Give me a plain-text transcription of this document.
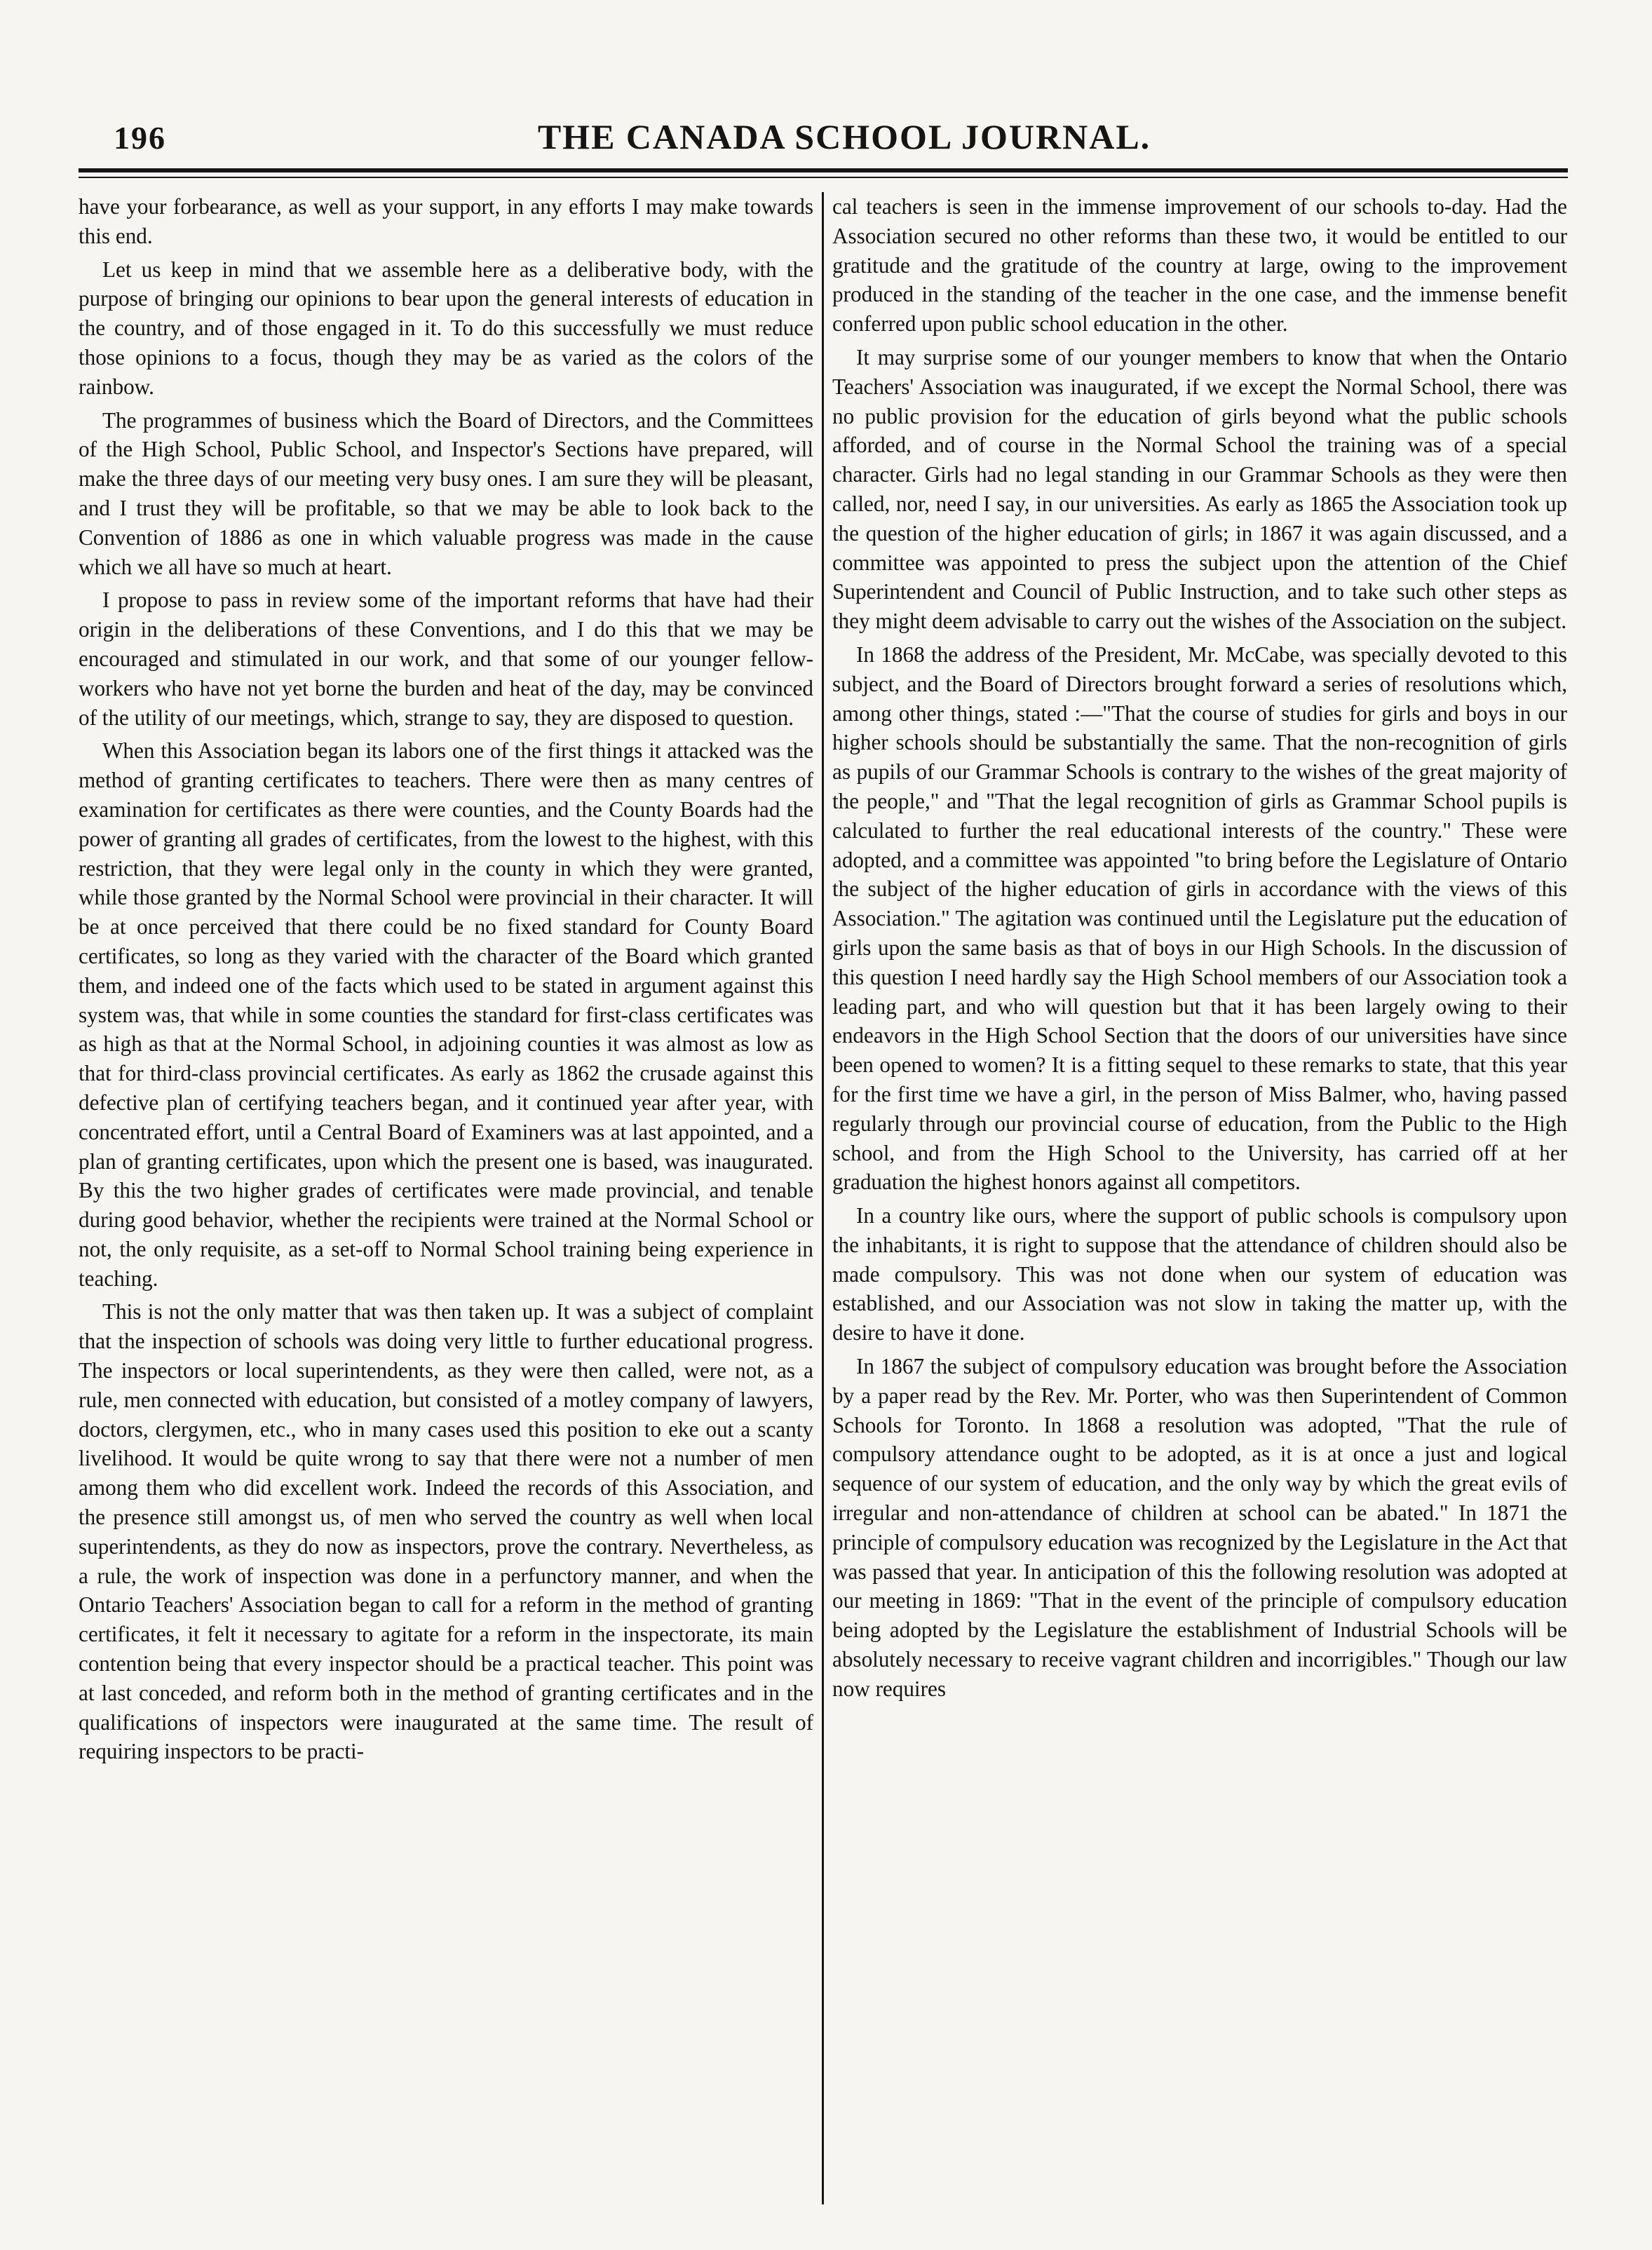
196	THE CANADA SCHOOL JOURNAL.

have your forbearance, as well as your support, in any efforts I may make towards this end.

Let us keep in mind that we assemble here as a deliberative body, with the purpose of bringing our opinions to bear upon the general interests of education in the country, and of those engaged in it. To do this successfully we must reduce those opinions to a focus, though they may be as varied as the colors of the rainbow.

The programmes of business which the Board of Directors, and the Committees of the High School, Public School, and Inspector's Sections have prepared, will make the three days of our meeting very busy ones. I am sure they will be pleasant, and I trust they will be profitable, so that we may be able to look back to the Convention of 1886 as one in which valuable progress was made in the cause which we all have so much at heart.

I propose to pass in review some of the important reforms that have had their origin in the deliberations of these Conventions, and I do this that we may be encouraged and stimulated in our work, and that some of our younger fellow-workers who have not yet borne the burden and heat of the day, may be convinced of the utility of our meetings, which, strange to say, they are disposed to question.

When this Association began its labors one of the first things it attacked was the method of granting certificates to teachers. There were then as many centres of examination for certificates as there were counties, and the County Boards had the power of granting all grades of certificates, from the lowest to the highest, with this restriction, that they were legal only in the county in which they were granted, while those granted by the Normal School were provincial in their character. It will be at once perceived that there could be no fixed standard for County Board certificates, so long as they varied with the character of the Board which granted them, and indeed one of the facts which used to be stated in argument against this system was, that while in some counties the standard for first-class certificates was as high as that at the Normal School, in adjoining counties it was almost as low as that for third-class provincial certificates. As early as 1862 the crusade against this defective plan of certifying teachers began, and it continued year after year, with concentrated effort, until a Central Board of Examiners was at last appointed, and a plan of granting certificates, upon which the present one is based, was inaugurated. By this the two higher grades of certificates were made provincial, and tenable during good behavior, whether the recipients were trained at the Normal School or not, the only requisite, as a set-off to Normal School training being experience in teaching.

This is not the only matter that was then taken up. It was a subject of complaint that the inspection of schools was doing very little to further educational progress. The inspectors or local superintendents, as they were then called, were not, as a rule, men connected with education, but consisted of a motley company of lawyers, doctors, clergymen, etc., who in many cases used this position to eke out a scanty livelihood. It would be quite wrong to say that there were not a number of men among them who did excellent work. Indeed the records of this Association, and the presence still amongst us, of men who served the country as well when local superintendents, as they do now as inspectors, prove the contrary. Nevertheless, as a rule, the work of inspection was done in a perfunctory manner, and when the Ontario Teachers' Association began to call for a reform in the method of granting certificates, it felt it necessary to agitate for a reform in the inspectorate, its main contention being that every inspector should be a practical teacher. This point was at last conceded, and reform both in the method of granting certificates and in the qualifications of inspectors were inaugurated at the same time. The result of requiring inspectors to be practi-

cal teachers is seen in the immense improvement of our schools to-day. Had the Association secured no other reforms than these two, it would be entitled to our gratitude and the gratitude of the country at large, owing to the improvement produced in the standing of the teacher in the one case, and the immense benefit conferred upon public school education in the other.

It may surprise some of our younger members to know that when the Ontario Teachers' Association was inaugurated, if we except the Normal School, there was no public provision for the education of girls beyond what the public schools afforded, and of course in the Normal School the training was of a special character. Girls had no legal standing in our Grammar Schools as they were then called, nor, need I say, in our universities. As early as 1865 the Association took up the question of the higher education of girls; in 1867 it was again discussed, and a committee was appointed to press the subject upon the attention of the Chief Superintendent and Council of Public Instruction, and to take such other steps as they might deem advisable to carry out the wishes of the Association on the subject.

In 1868 the address of the President, Mr. McCabe, was specially devoted to this subject, and the Board of Directors brought forward a series of resolutions which, among other things, stated :—"That the course of studies for girls and boys in our higher schools should be substantially the same. That the non-recognition of girls as pupils of our Grammar Schools is contrary to the wishes of the great majority of the people," and "That the legal recognition of girls as Grammar School pupils is calculated to further the real educational interests of the country." These were adopted, and a committee was appointed "to bring before the Legislature of Ontario the subject of the higher education of girls in accordance with the views of this Association." The agitation was continued until the Legislature put the education of girls upon the same basis as that of boys in our High Schools. In the discussion of this question I need hardly say the High School members of our Association took a leading part, and who will question but that it has been largely owing to their endeavors in the High School Section that the doors of our universities have since been opened to women? It is a fitting sequel to these remarks to state, that this year for the first time we have a girl, in the person of Miss Balmer, who, having passed regularly through our provincial course of education, from the Public to the High school, and from the High School to the University, has carried off at her graduation the highest honors against all competitors.

In a country like ours, where the support of public schools is compulsory upon the inhabitants, it is right to suppose that the attendance of children should also be made compulsory. This was not done when our system of education was established, and our Association was not slow in taking the matter up, with the desire to have it done.

In 1867 the subject of compulsory education was brought before the Association by a paper read by the Rev. Mr. Porter, who was then Superintendent of Common Schools for Toronto. In 1868 a resolution was adopted, "That the rule of compulsory attendance ought to be adopted, as it is at once a just and logical sequence of our system of education, and the only way by which the great evils of irregular and non-attendance of children at school can be abated." In 1871 the principle of compulsory education was recognized by the Legislature in the Act that was passed that year. In anticipation of this the following resolution was adopted at our meeting in 1869: "That in the event of the principle of compulsory education being adopted by the Legislature the establishment of Industrial Schools will be absolutely necessary to receive vagrant children and incorrigibles." Though our law now requires
